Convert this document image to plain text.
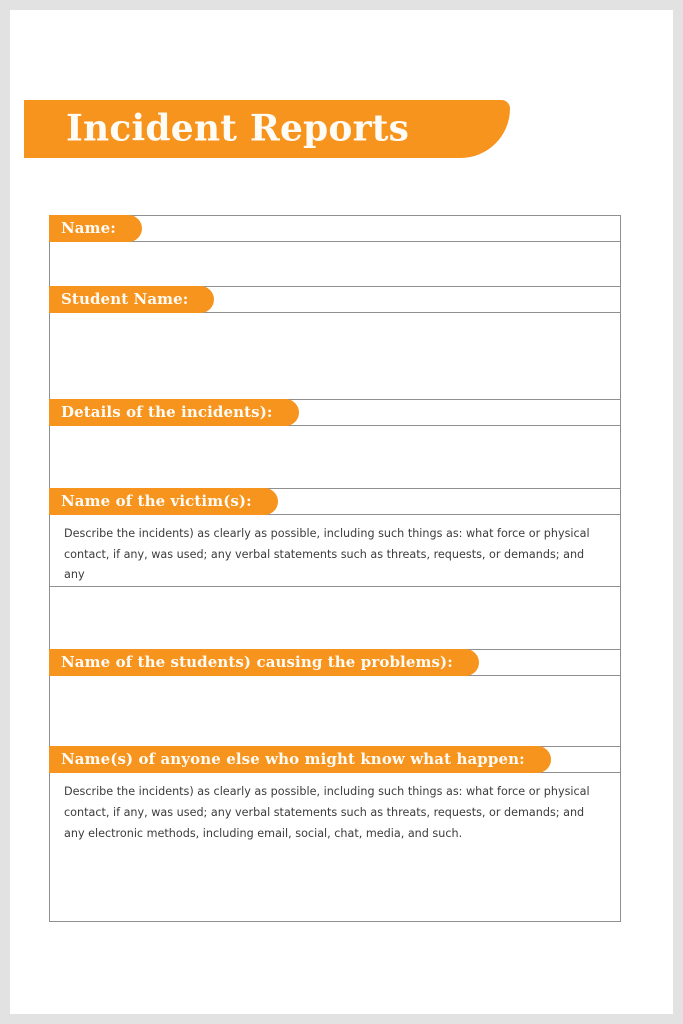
Incident Reports
Name:

Student Name:

Details of the incidents):

Name of the victim(s):

Describe the incidents) as clearly as possible, including such things as: what force or physical contact, if any, was used; any verbal statements such as threats, requests, or demands; and any

Name of the students) causing the problems):

Name(s) of anyone else who might know what happen:

Describe the incidents) as clearly as possible, including such things as: what force or physical contact, if any, was used; any verbal statements such as threats, requests, or demands; and any electronic methods, including email, social, chat, media, and such.
